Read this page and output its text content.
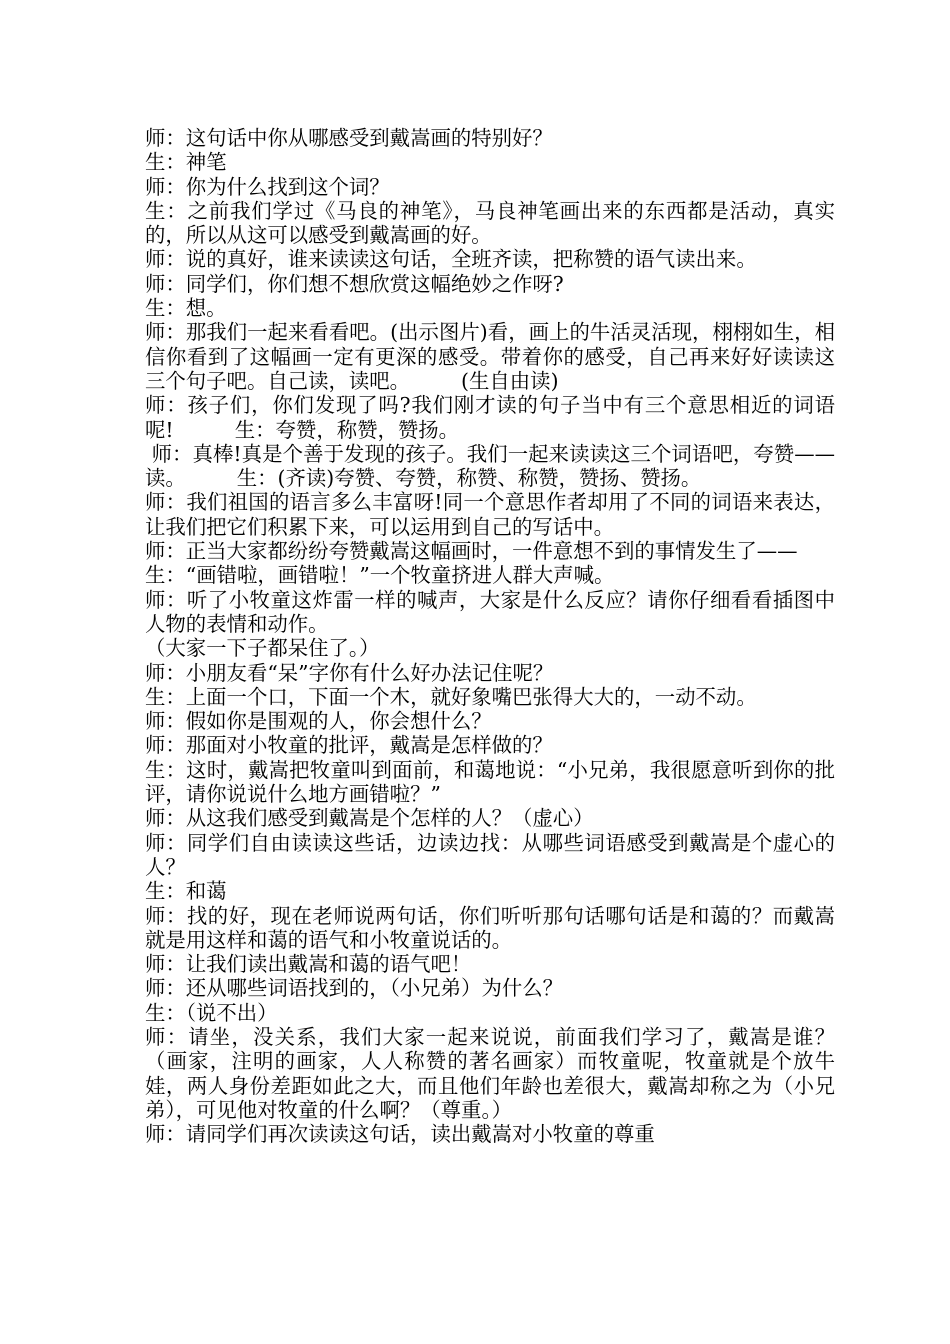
师：这句话中你从哪感受到戴嵩画的特别好？

生：神笔

师：你为什么找到这个词？

生：之前我们学过《马良的神笔》，马良神笔画出来的东西都是活动，真实的，所以从这可以感受到戴嵩画的好。

师：说的真好，谁来读读这句话，全班齐读，把称赞的语气读出来。

师：同学们，你们想不想欣赏这幅绝妙之作呀?

生：想。

师：那我们一起来看看吧。(出示图片)看，画上的牛活灵活现，栩栩如生，相信你看到了这幅画一定有更深的感受。带着你的感受，自己再来好好读读这三个句子吧。自己读，读吧。　　　(生自由读)

师：孩子们，你们发现了吗?我们刚才读的句子当中有三个意思相近的词语呢!　　　生：夸赞，称赞，赞扬。

师：真棒!真是个善于发现的孩子。我们一起来读读这三个词语吧，夸赞——读。　　　生：(齐读)夸赞、夸赞，称赞、称赞，赞扬、赞扬。

师：我们祖国的语言多么丰富呀!同一个意思作者却用了不同的词语来表达，让我们把它们积累下来，可以运用到自己的写话中。

师：正当大家都纷纷夸赞戴嵩这幅画时，一件意想不到的事情发生了——

生：“画错啦，画错啦！”一个牧童挤进人群大声喊。

师：听了小牧童这炸雷一样的喊声，大家是什么反应？请你仔细看看插图中人物的表情和动作。

（大家一下子都呆住了。）

师：小朋友看“呆”字你有什么好办法记住呢？

生：上面一个口，下面一个木，就好象嘴巴张得大大的，一动不动。

师：假如你是围观的人，你会想什么？

师：那面对小牧童的批评，戴嵩是怎样做的？

生：这时，戴嵩把牧童叫到面前，和蔼地说：“小兄弟，我很愿意听到你的批评，请你说说什么地方画错啦？”

师：从这我们感受到戴嵩是个怎样的人？（虚心）

师：同学们自由读读这些话，边读边找：从哪些词语感受到戴嵩是个虚心的人？

生：和蔼

师：找的好，现在老师说两句话，你们听听那句话哪句话是和蔼的？而戴嵩就是用这样和蔼的语气和小牧童说话的。

师：让我们读出戴嵩和蔼的语气吧！

师：还从哪些词语找到的，（小兄弟）为什么？

生：（说不出）

师：请坐，没关系，我们大家一起来说说，前面我们学习了，戴嵩是谁？（画家，注明的画家，人人称赞的著名画家）而牧童呢，牧童就是个放牛娃，两人身份差距如此之大，而且他们年龄也差很大，戴嵩却称之为（小兄弟），可见他对牧童的什么啊？（尊重。）

师：请同学们再次读读这句话，读出戴嵩对小牧童的尊重
